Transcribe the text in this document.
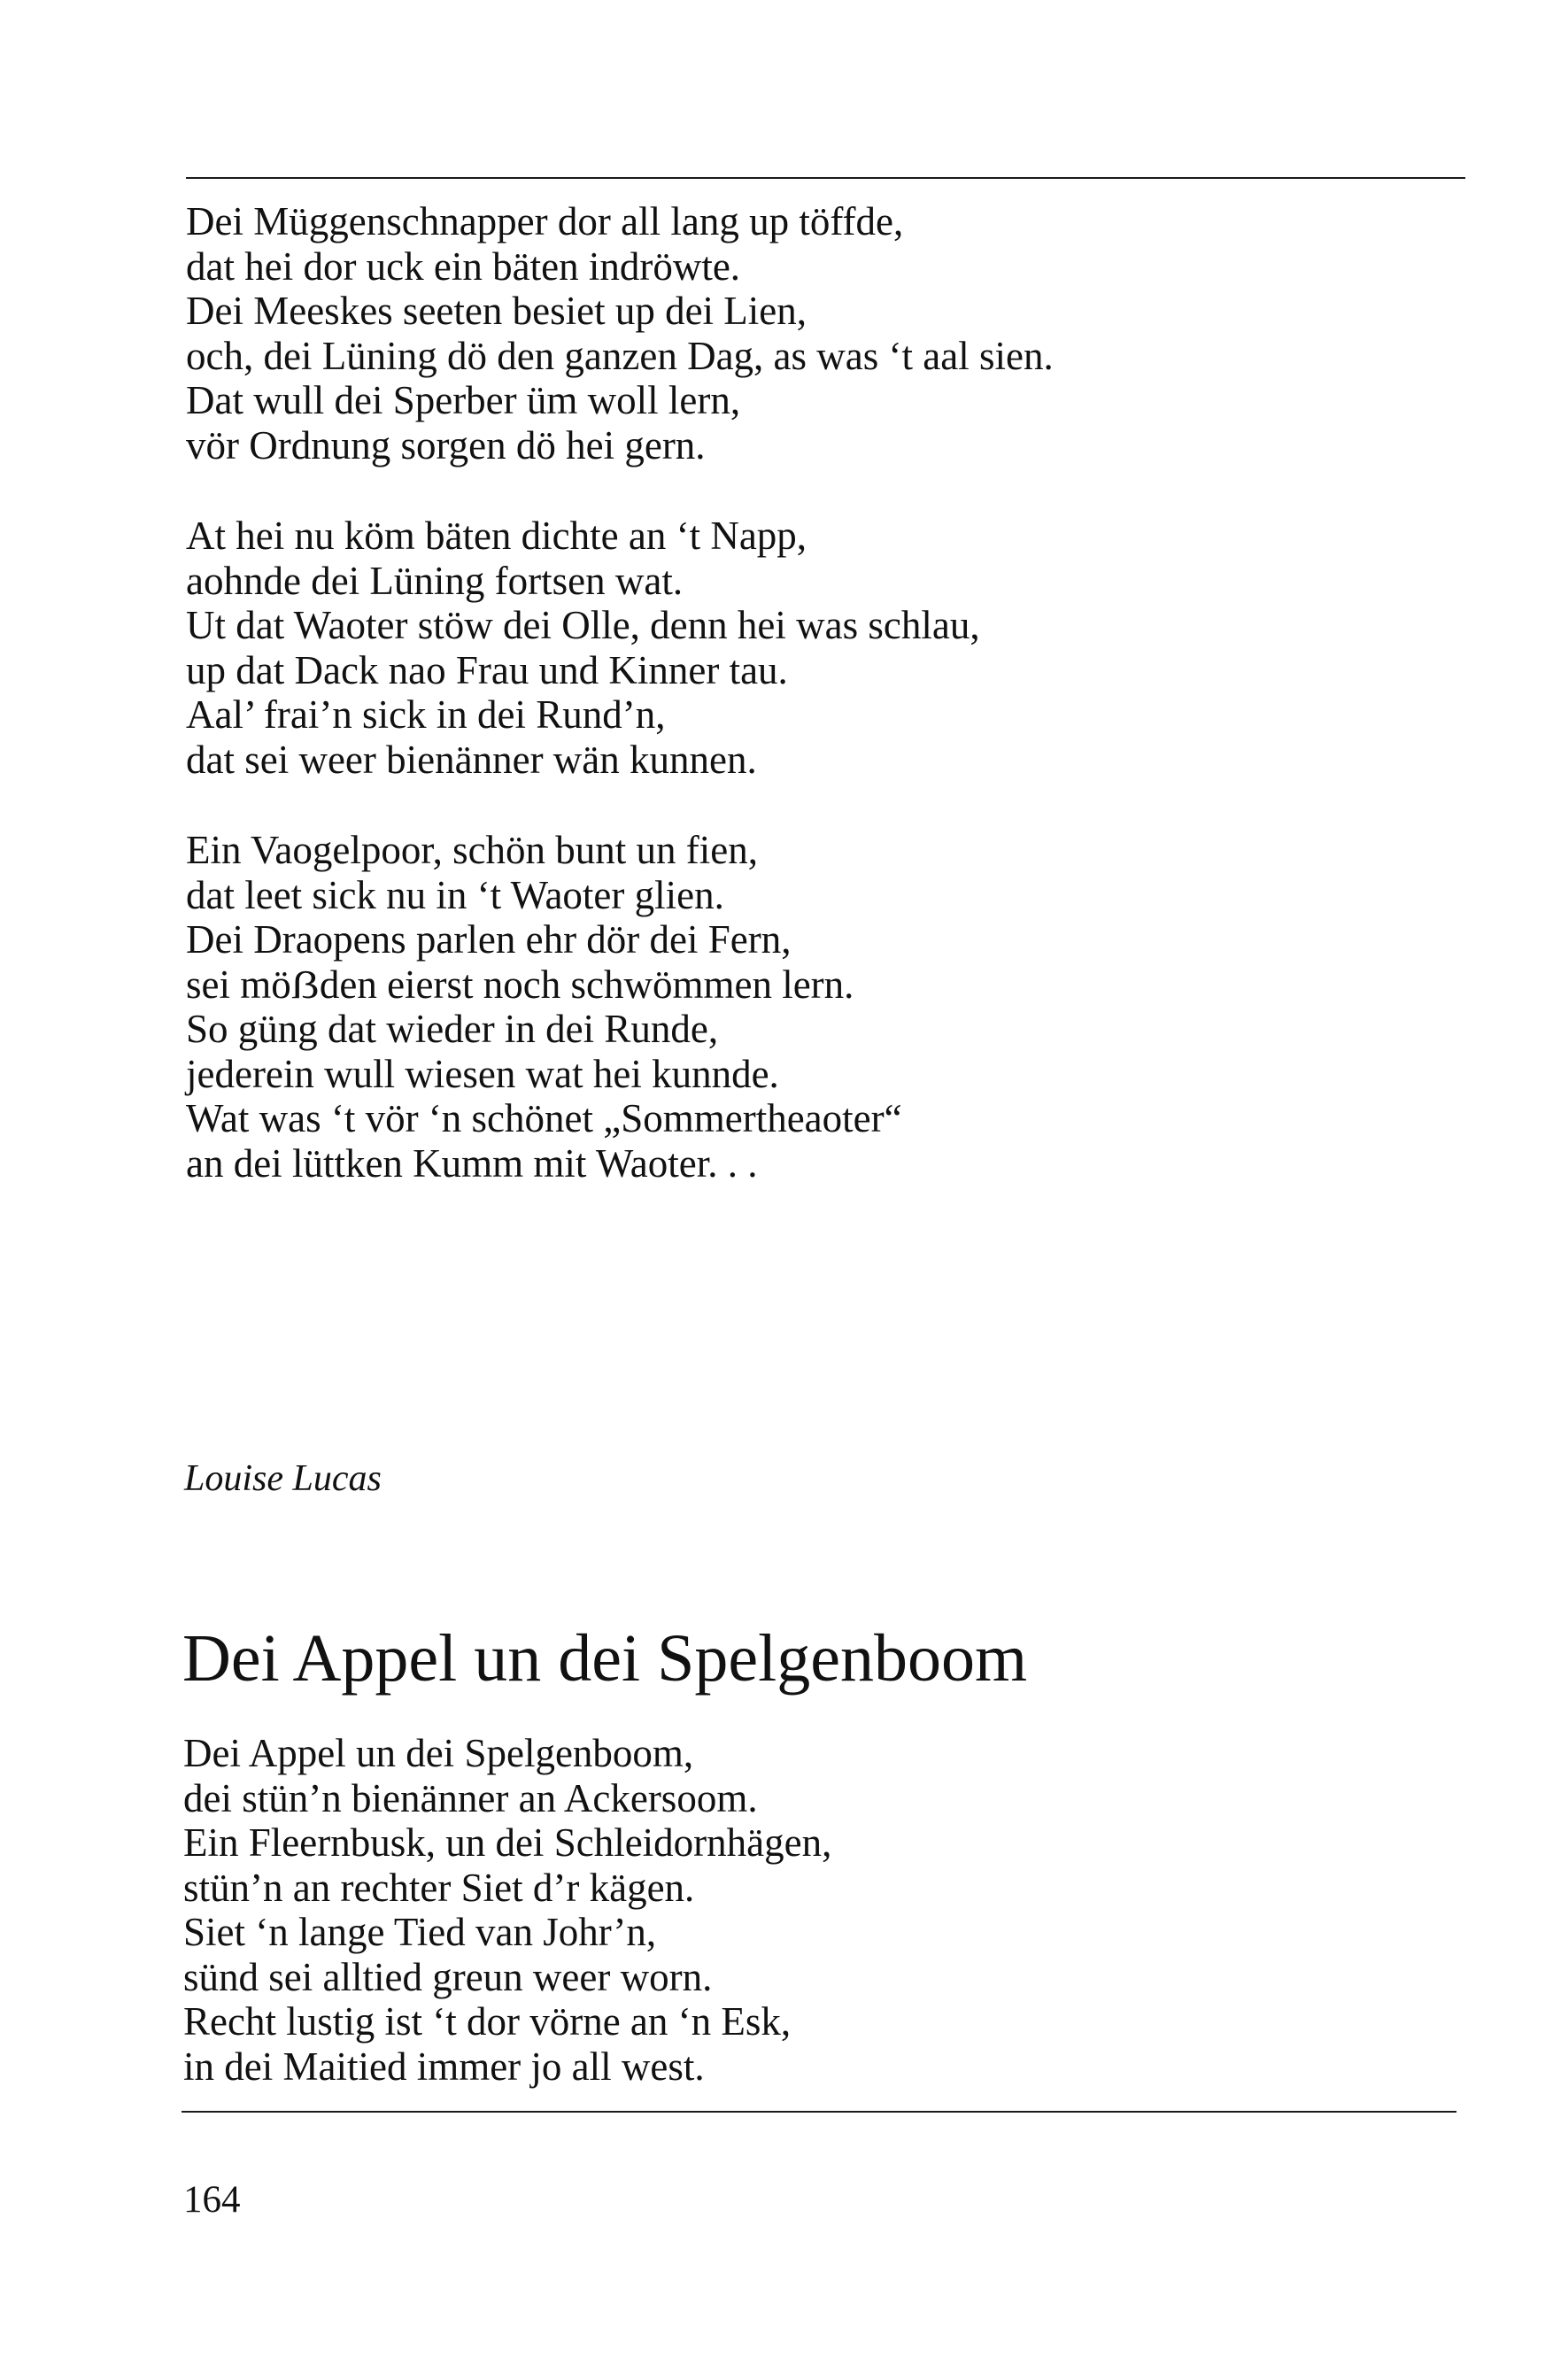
Dei Müggenschnapper dor all lang up töffde,
dat hei dor uck ein bäten indröwte.
Dei Meeskes seeten besiet up dei Lien,
och, dei Lüning dö den ganzen Dag, as was ‘t aal sien.
Dat wull dei Sperber üm woll lern,
vör Ordnung sorgen dö hei gern.

At hei nu köm bäten dichte an ‘t Napp,
aohnde dei Lüning fortsen wat.
Ut dat Waoter stöw dei Olle, denn hei was schlau,
up dat Dack nao Frau und Kinner tau.
Aal’ frai’n sick in dei Rund’n,
dat sei weer bienänner wän kunnen.

Ein Vaogelpoor, schön bunt un fien,
dat leet sick nu in ‘t Waoter glien.
Dei Draopens parlen ehr dör dei Fern,
sei möẞden eierst noch schwömmen lern.
So güng dat wieder in dei Runde,
jederein wull wiesen wat hei kunnde.
Wat was ‘t vör ‘n schönet „Sommertheaoter“
an dei lüttken Kumm mit Waoter. . .

Louise Lucas

Dei Appel un dei Spelgenboom

Dei Appel un dei Spelgenboom,
dei stün’n bienänner an Ackersoom.
Ein Fleernbusk, un dei Schleidornhägen,
stün’n an rechter Siet d’r kägen.
Siet ‘n lange Tied van Johr’n,
sünd sei alltied greun weer worn.
Recht lustig ist ‘t dor vörne an ‘n Esk,
in dei Maitied immer jo all west.

164
